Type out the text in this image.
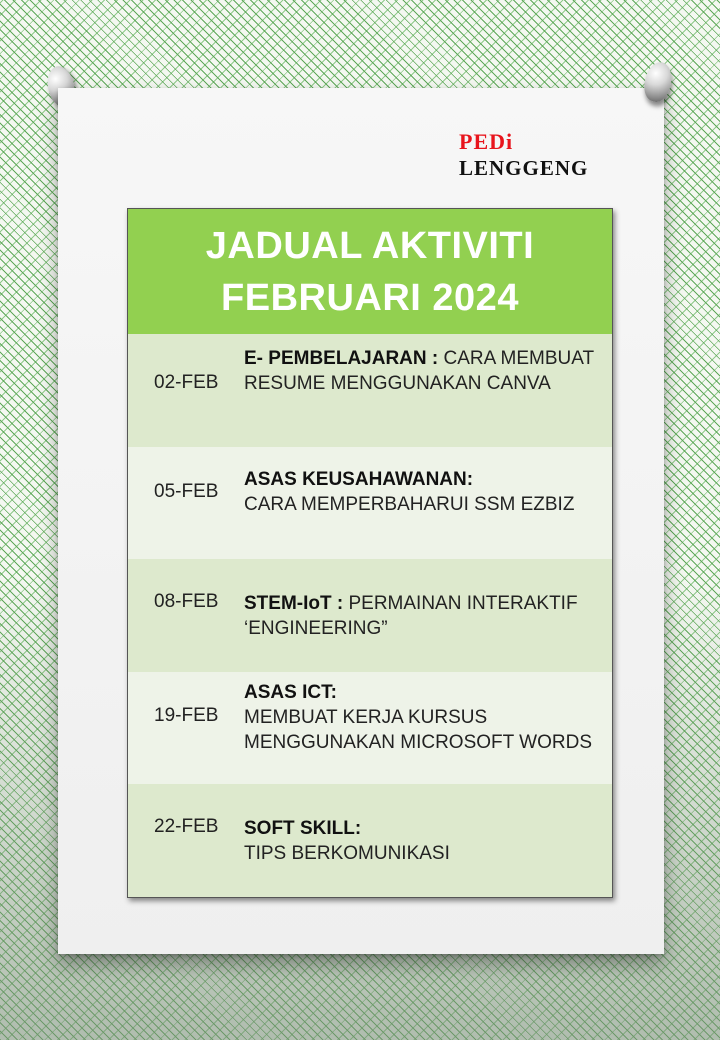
PEDi
LENGGENG
JADUAL AKTIVITI
FEBRUARI 2024
02-FEB
E- PEMBELAJARAN : CARA MEMBUAT RESUME MENGGUNAKAN CANVA
05-FEB
ASAS KEUSAHAWANAN:
CARA MEMPERBAHARUI SSM EZBIZ
08-FEB	STEM-IoT : PERMAINAN INTERAKTIF ‘ENGINEERING”
19-FEB
ASAS ICT:
MEMBUAT KERJA KURSUS MENGGUNAKAN MICROSOFT WORDS
22-FEB	SOFT SKILL:
TIPS BERKOMUNIKASI
